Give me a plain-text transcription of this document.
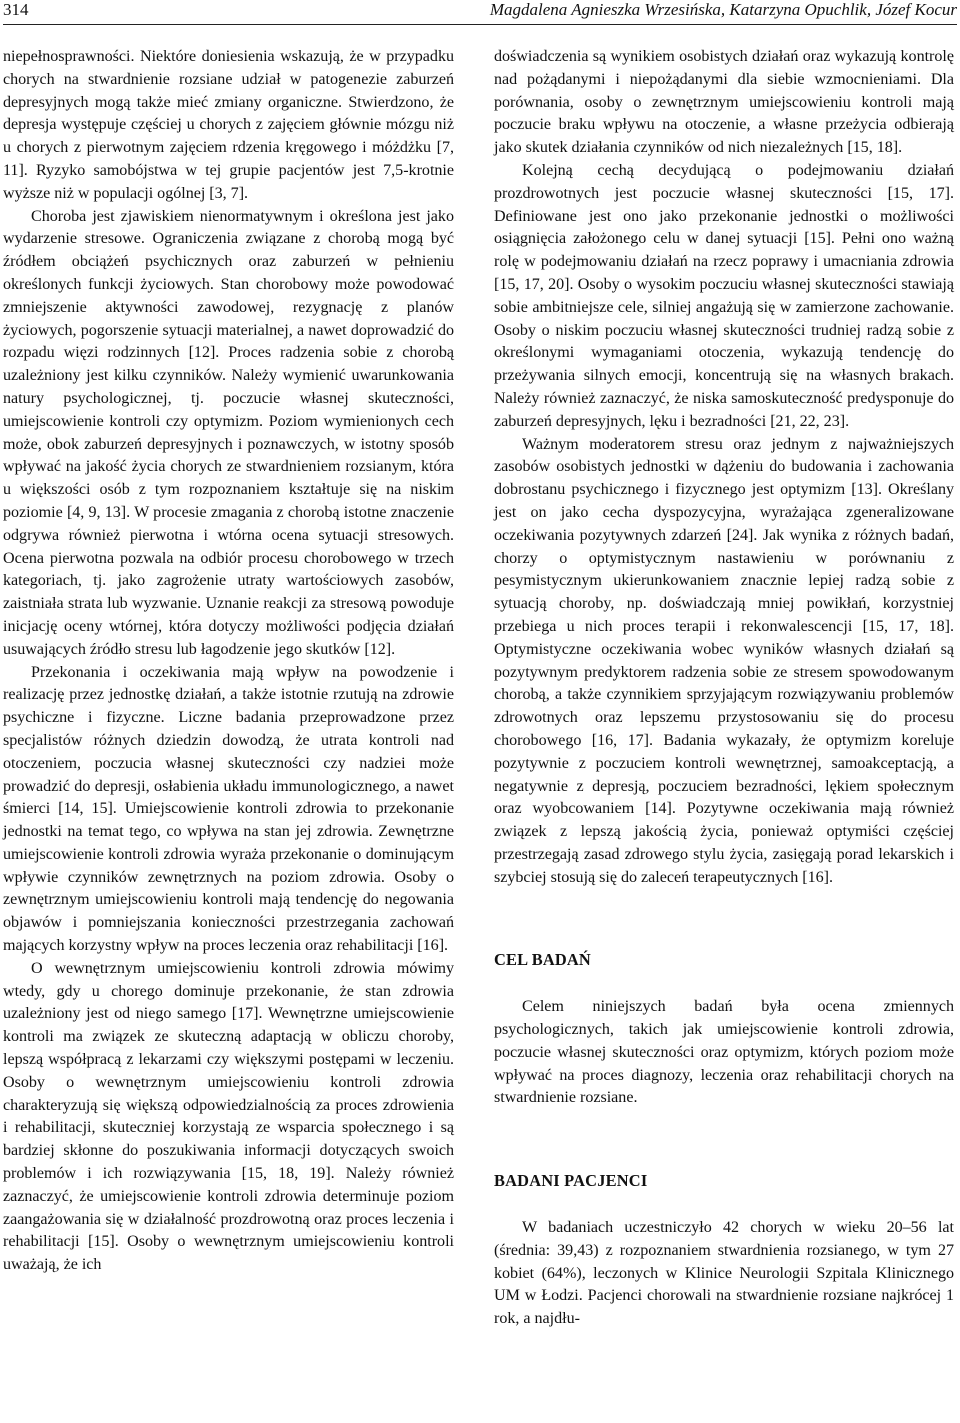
314	Magdalena Agnieszka Wrzesińska, Katarzyna Opuchlik, Józef Kocur

niepełnosprawności. Niektóre doniesienia wskazują, że w przypadku chorych na stwardnienie rozsiane udział w patogenezie zaburzeń depresyjnych mogą także mieć zmiany organiczne. Stwierdzono, że depresja występuje częściej u chorych z zajęciem głównie mózgu niż u chorych z pierwotnym zajęciem rdzenia kręgowego i móżdżku [7, 11]. Ryzyko samobójstwa w tej grupie pacjentów jest 7,5-krotnie wyższe niż w populacji ogólnej [3, 7].

Choroba jest zjawiskiem nienormatywnym i określona jest jako wydarzenie stresowe. Ograniczenia związane z chorobą mogą być źródłem obciążeń psychicznych oraz zaburzeń w pełnieniu określonych funkcji życiowych. Stan chorobowy może powodować zmniejszenie aktywności zawodowej, rezygnację z planów życiowych, pogorszenie sytuacji materialnej, a nawet doprowadzić do rozpadu więzi rodzinnych [12]. Proces radzenia sobie z chorobą uzależniony jest kilku czynników. Należy wymienić uwarunkowania natury psychologicznej, tj. poczucie własnej skuteczności, umiejscowienie kontroli czy optymizm. Poziom wymienionych cech może, obok zaburzeń depresyjnych i poznawczych, w istotny sposób wpływać na jakość życia chorych ze stwardnieniem rozsianym, która u większości osób z tym rozpoznaniem kształtuje się na niskim poziomie [4, 9, 13]. W procesie zmagania z chorobą istotne znaczenie odgrywa również pierwotna i wtórna ocena sytuacji stresowych. Ocena pierwotna pozwala na odbiór procesu chorobowego w trzech kategoriach, tj. jako zagrożenie utraty wartościowych zasobów, zaistniała strata lub wyzwanie. Uznanie reakcji za stresową powoduje inicjację oceny wtórnej, która dotyczy możliwości podjęcia działań usuwających źródło stresu lub łagodzenie jego skutków [12].

Przekonania i oczekiwania mają wpływ na powodzenie i realizację przez jednostkę działań, a także istotnie rzutują na zdrowie psychiczne i fizyczne. Liczne badania przeprowadzone przez specjalistów różnych dziedzin dowodzą, że utrata kontroli nad otoczeniem, poczucia własnej skuteczności czy nadziei może prowadzić do depresji, osłabienia układu immunologicznego, a nawet śmierci [14, 15]. Umiejscowienie kontroli zdrowia to przekonanie jednostki na temat tego, co wpływa na stan jej zdrowia. Zewnętrzne umiejscowienie kontroli zdrowia wyraża przekonanie o dominującym wpływie czynników zewnętrznych na poziom zdrowia. Osoby o zewnętrznym umiejscowieniu kontroli mają tendencję do negowania objawów i pomniejszania konieczności przestrzegania zachowań mających korzystny wpływ na proces leczenia oraz rehabilitacji [16].

O wewnętrznym umiejscowieniu kontroli zdrowia mówimy wtedy, gdy u chorego dominuje przekonanie, że stan zdrowia uzależniony jest od niego samego [17]. Wewnętrzne umiejscowienie kontroli ma związek ze skuteczną adaptacją w obliczu choroby, lepszą współpracą z lekarzami czy większymi postępami w leczeniu. Osoby o wewnętrznym umiejscowieniu kontroli zdrowia charakteryzują się większą odpowiedzialnością za proces zdrowienia i rehabilitacji, skuteczniej korzystają ze wsparcia społecznego i są bardziej skłonne do poszukiwania informacji dotyczących swoich problemów i ich rozwiązywania [15, 18, 19]. Należy również zaznaczyć, że umiejscowienie kontroli zdrowia determinuje poziom zaangażowania się w działalność prozdrowotną oraz proces leczenia i rehabilitacji [15]. Osoby o wewnętrznym umiejscowieniu kontroli uważają, że ich

doświadczenia są wynikiem osobistych działań oraz wykazują kontrolę nad pożądanymi i niepożądanymi dla siebie wzmocnieniami. Dla porównania, osoby o zewnętrznym umiejscowieniu kontroli mają poczucie braku wpływu na otoczenie, a własne przeżycia odbierają jako skutek działania czynników od nich niezależnych [15, 18].

Kolejną cechą decydującą o podejmowaniu działań prozdrowotnych jest poczucie własnej skuteczności [15, 17]. Definiowane jest ono jako przekonanie jednostki o możliwości osiągnięcia założonego celu w danej sytuacji [15]. Pełni ono ważną rolę w podejmowaniu działań na rzecz poprawy i umacniania zdrowia [15, 17, 20]. Osoby o wysokim poczuciu własnej skuteczności stawiają sobie ambitniejsze cele, silniej angażują się w zamierzone zachowanie. Osoby o niskim poczuciu własnej skuteczności trudniej radzą sobie z określonymi wymaganiami otoczenia, wykazują tendencję do przeżywania silnych emocji, koncentrują się na własnych brakach. Należy również zaznaczyć, że niska samoskuteczność predysponuje do zaburzeń depresyjnych, lęku i bezradności [21, 22, 23].

Ważnym moderatorem stresu oraz jednym z najważniejszych zasobów osobistych jednostki w dążeniu do budowania i zachowania dobrostanu psychicznego i fizycznego jest optymizm [13]. Określany jest on jako cecha dyspozycyjna, wyrażająca zgeneralizowane oczekiwania pozytywnych zdarzeń [24]. Jak wynika z różnych badań, chorzy o optymistycznym nastawieniu w porównaniu z pesymistycznym ukierunkowaniem znacznie lepiej radzą sobie z sytuacją choroby, np. doświadczają mniej powikłań, korzystniej przebiega u nich proces terapii i rekonwalescencji [15, 17, 18]. Optymistyczne oczekiwania wobec wyników własnych działań są pozytywnym predyktorem radzenia sobie ze stresem spowodowanym chorobą, a także czynnikiem sprzyjającym rozwiązywaniu problemów zdrowotnych oraz lepszemu przystosowaniu się do procesu chorobowego [16, 17]. Badania wykazały, że optymizm koreluje pozytywnie z poczuciem kontroli wewnętrznej, samoakceptacją, a negatywnie z depresją, poczuciem bezradności, lękiem społecznym oraz wyobcowaniem [14]. Pozytywne oczekiwania mają również związek z lepszą jakością życia, ponieważ optymiści częściej przestrzegają zasad zdrowego stylu życia, zasięgają porad lekarskich i szybciej stosują się do zaleceń terapeutycznych [16].

CEL BADAŃ

Celem niniejszych badań była ocena zmiennych psychologicznych, takich jak umiejscowienie kontroli zdrowia, poczucie własnej skuteczności oraz optymizm, których poziom może wpływać na proces diagnozy, leczenia oraz rehabilitacji chorych na stwardnienie rozsiane.

BADANI PACJENCI

W badaniach uczestniczyło 42 chorych w wieku 20–56 lat (średnia: 39,43) z rozpoznaniem stwardnienia rozsianego, w tym 27 kobiet (64%), leczonych w Klinice Neurologii Szpitala Klinicznego UM w Łodzi. Pacjenci chorowali na stwardnienie rozsiane najkrócej 1 rok, a najdłu-
